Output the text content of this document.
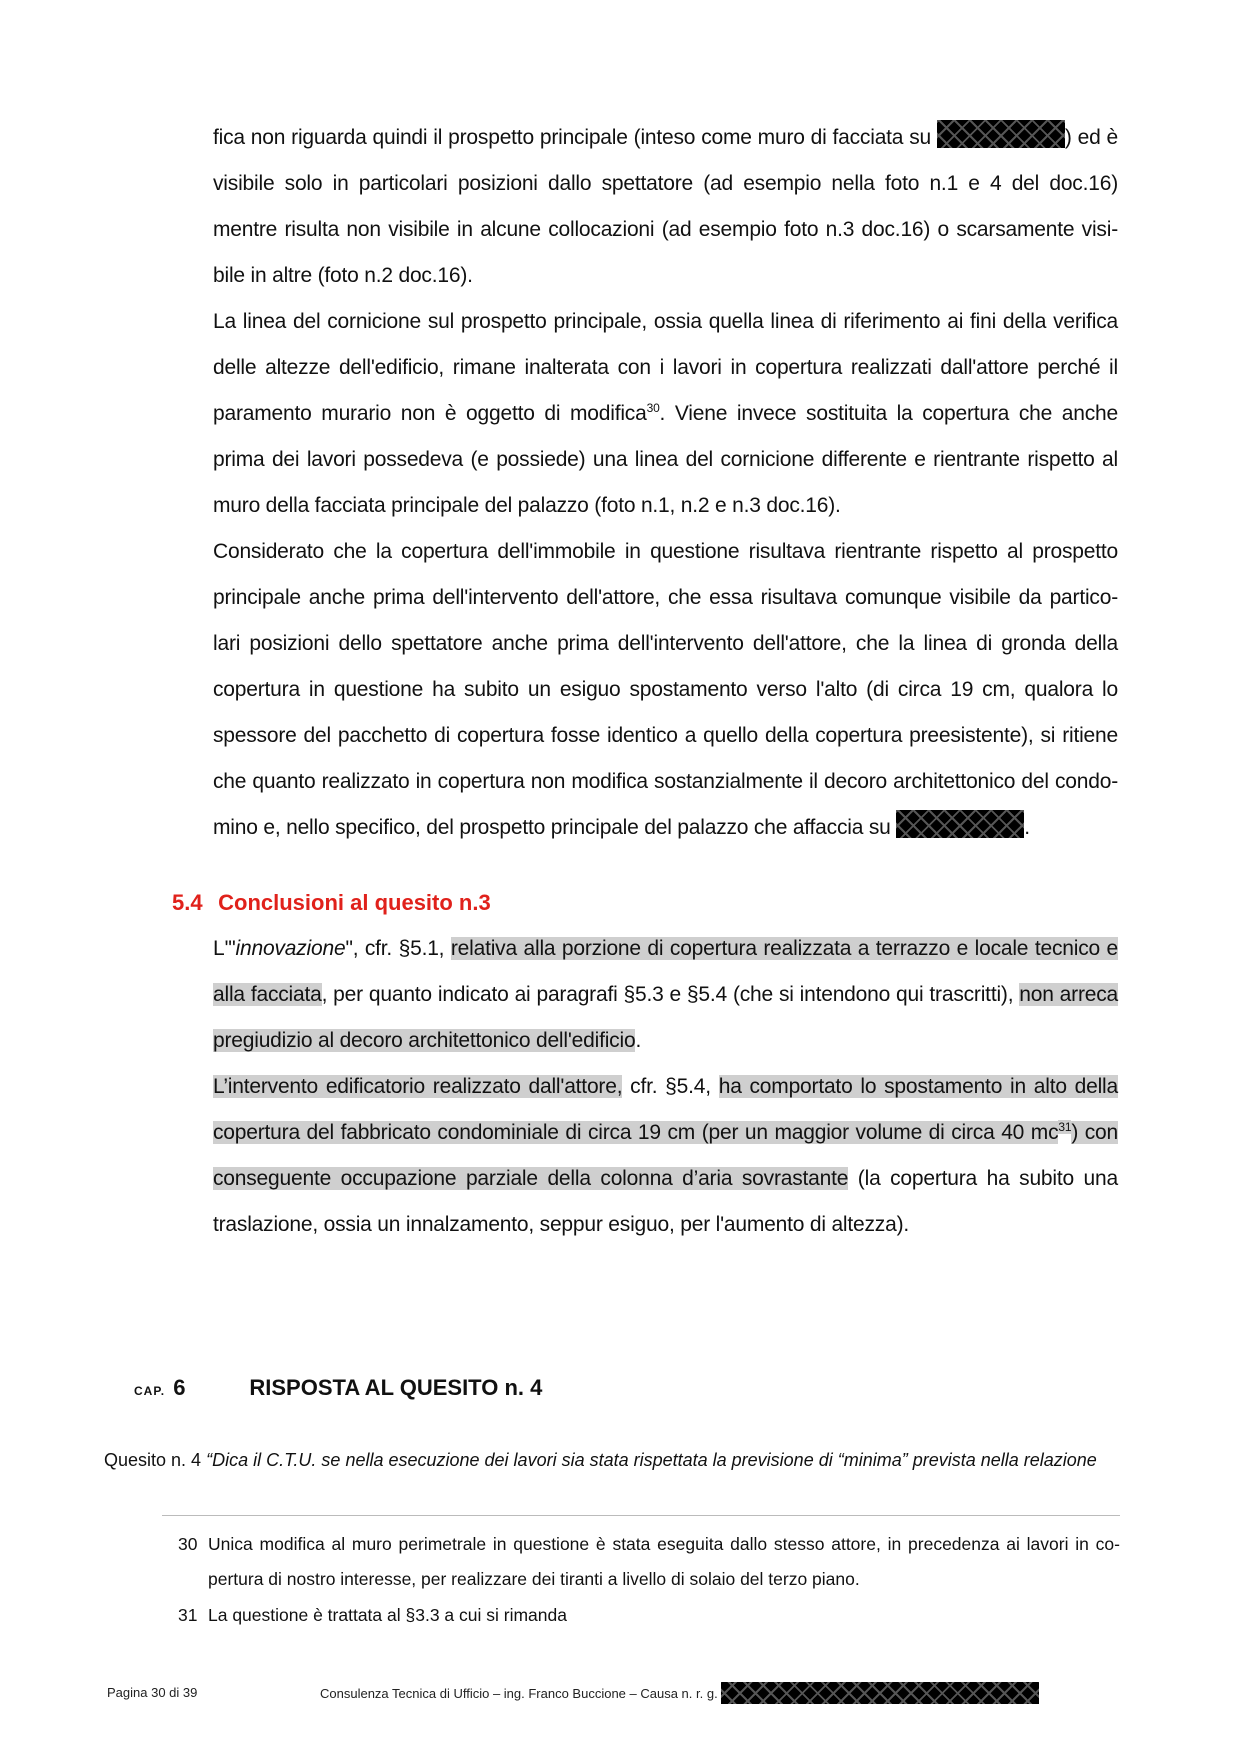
fica non riguarda quindi il prospetto principale (inteso come muro di facciata su	) ed è visibile solo in particolari posizioni dallo spettatore (ad esempio nella foto n.1 e 4 del doc.16) mentre risulta non visibile in alcune collocazioni (ad esempio foto n.3 doc.16) o scarsamente visi-bile in altre (foto n.2 doc.16).
La linea del cornicione sul prospetto principale, ossia quella linea di riferimento ai fini della verifica delle altezze dell'edificio, rimane inalterata con i lavori in copertura realizzati dall'attore perché il paramento murario non è oggetto di modifica$^{30}$. Viene invece sostituita la copertura che anche prima dei lavori possedeva (e possiede) una linea del cornicione differente e rientrante rispetto al muro della facciata principale del palazzo (foto n.1, n.2 e n.3 doc.16).
Considerato che la copertura dell'immobile in questione risultava rientrante rispetto al prospetto principale anche prima dell'intervento dell'attore, che essa risultava comunque visibile da partico-lari posizioni dello spettatore anche prima dell'intervento dell'attore, che la linea di gronda della copertura in questione ha subito un esiguo spostamento verso l'alto (di circa 19 cm, qualora lo spessore del pacchetto di copertura fosse identico a quello della copertura preesistente), si ritiene che quanto realizzato in copertura non modifica sostanzialmente il decoro architettonico del condo-mino e, nello specifico, del prospetto principale del palazzo che affaccia su	.
5.4 Conclusioni al quesito n.3
L'"innovazione", cfr. §5.1, relativa alla porzione di copertura realizzata a terrazzo e locale tecnico e alla facciata, per quanto indicato ai paragrafi §5.3 e §5.4 (che si intendono qui trascritti), non arreca pregiudizio al decoro architettonico dell'edificio.
L’intervento edificatorio realizzato dall'attore, cfr. §5.4, ha comportato lo spostamento in alto della copertura del fabbricato condominiale di circa 19 cm (per un maggior volume di circa 40 $mc^{31}$) con conseguente occupazione parziale della colonna d’aria sovrastante (la copertura ha subito una traslazione, ossia un innalzamento, seppur esiguo, per l'aumento di altezza).
CAP. 6	RISPOSTA AL QUESITO n. 4
Quesito n. 4 “Dica il C.T.U. se nella esecuzione dei lavori sia stata rispettata la previsione di “minima” prevista nella relazione
30 Unica modifica al muro perimetrale in questione è stata eseguita dallo stesso attore, in precedenza ai lavori in co-pertura di nostro interesse, per realizzare dei tiranti a livello di solaio del terzo piano.
31 La questione è trattata al §3.3 a cui si rimanda
Pagina 30 di 39	Consulenza Tecnica di Ufficio – ing. Franco Buccione – Causa n. r. g.
